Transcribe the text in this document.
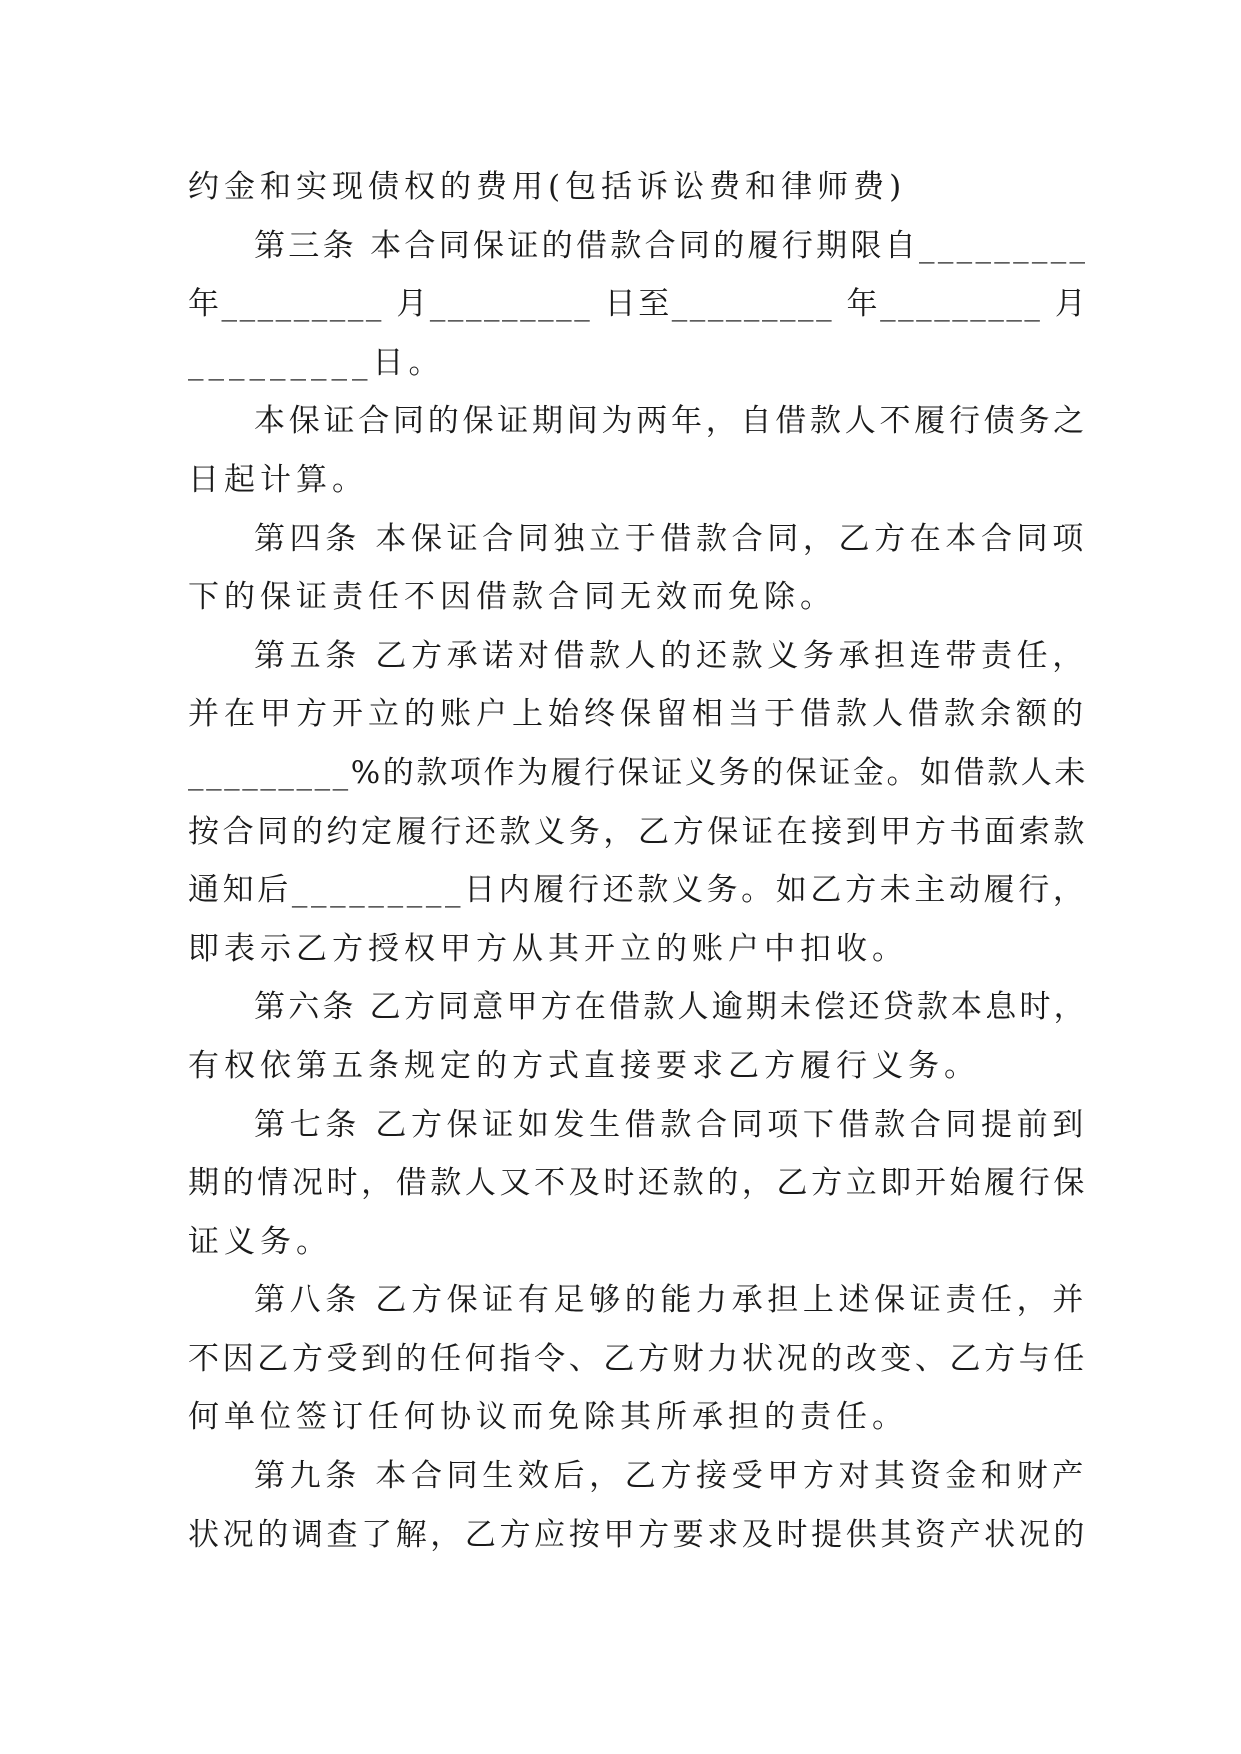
约金和实现债权的费用(包括诉讼费和律师费)
第三条 本合同保证的借款合同的履行期限自_________
年_________ 月_________ 日至_________ 年_________ 月
_________日。
本保证合同的保证期间为两年，自借款人不履行债务之
日起计算。
第四条 本保证合同独立于借款合同，乙方在本合同项
下的保证责任不因借款合同无效而免除。
第五条 乙方承诺对借款人的还款义务承担连带责任，
并在甲方开立的账户上始终保留相当于借款人借款余额的
_________%的款项作为履行保证义务的保证金。如借款人未
按合同的约定履行还款义务，乙方保证在接到甲方书面索款
通知后_________日内履行还款义务。如乙方未主动履行，
即表示乙方授权甲方从其开立的账户中扣收。
第六条 乙方同意甲方在借款人逾期未偿还贷款本息时，
有权依第五条规定的方式直接要求乙方履行义务。
第七条 乙方保证如发生借款合同项下借款合同提前到
期的情况时，借款人又不及时还款的，乙方立即开始履行保
证义务。
第八条 乙方保证有足够的能力承担上述保证责任，并
不因乙方受到的任何指令、乙方财力状况的改变、乙方与任
何单位签订任何协议而免除其所承担的责任。
第九条 本合同生效后，乙方接受甲方对其资金和财产
状况的调查了解，乙方应按甲方要求及时提供其资产状况的
